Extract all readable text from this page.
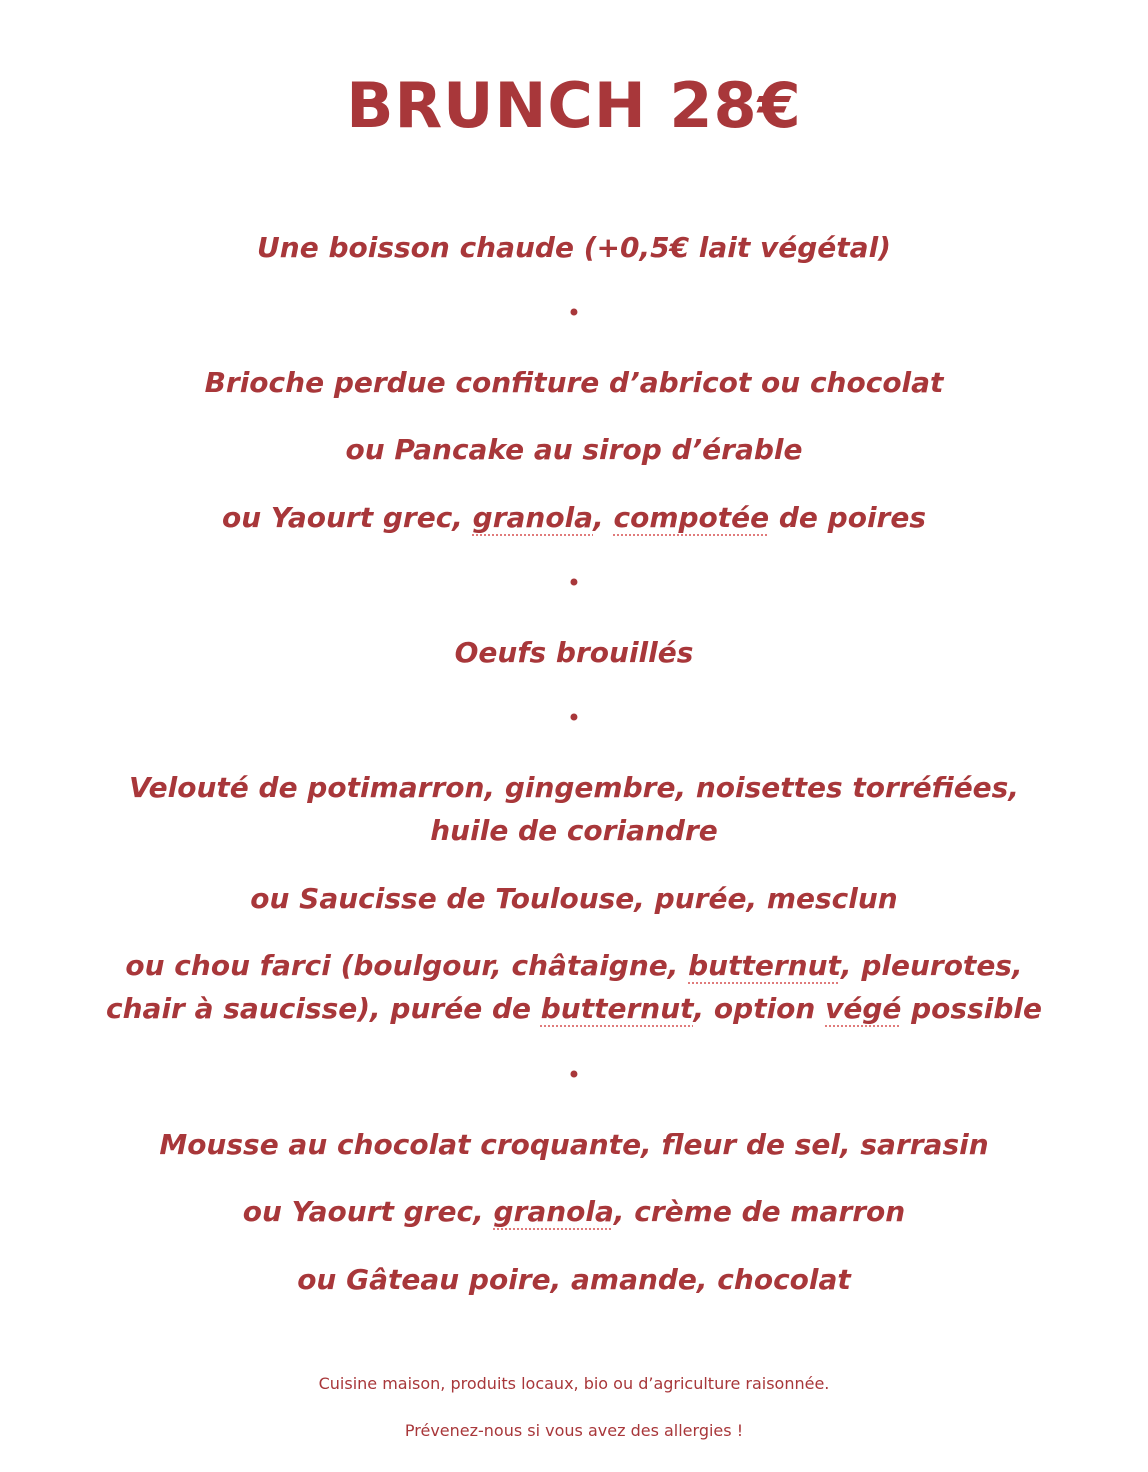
BRUNCH 28€

Une boisson chaude (+0,5€ lait végétal)

•

Brioche perdue confiture d’abricot ou chocolat

ou Pancake au sirop d’érable

ou Yaourt grec, granola, compotée de poires

•

Oeufs brouillés

•

Velouté de potimarron, gingembre, noisettes torréfiées,

huile de coriandre

ou Saucisse de Toulouse, purée, mesclun

ou chou farci (boulgour, châtaigne, butternut, pleurotes,

chair à saucisse), purée de butternut, option végé possible

•

Mousse au chocolat croquante, fleur de sel, sarrasin

ou Yaourt grec, granola, crème de marron

ou Gâteau poire, amande, chocolat

Cuisine maison, produits locaux, bio ou d’agriculture raisonnée.

Prévenez-nous si vous avez des allergies !
